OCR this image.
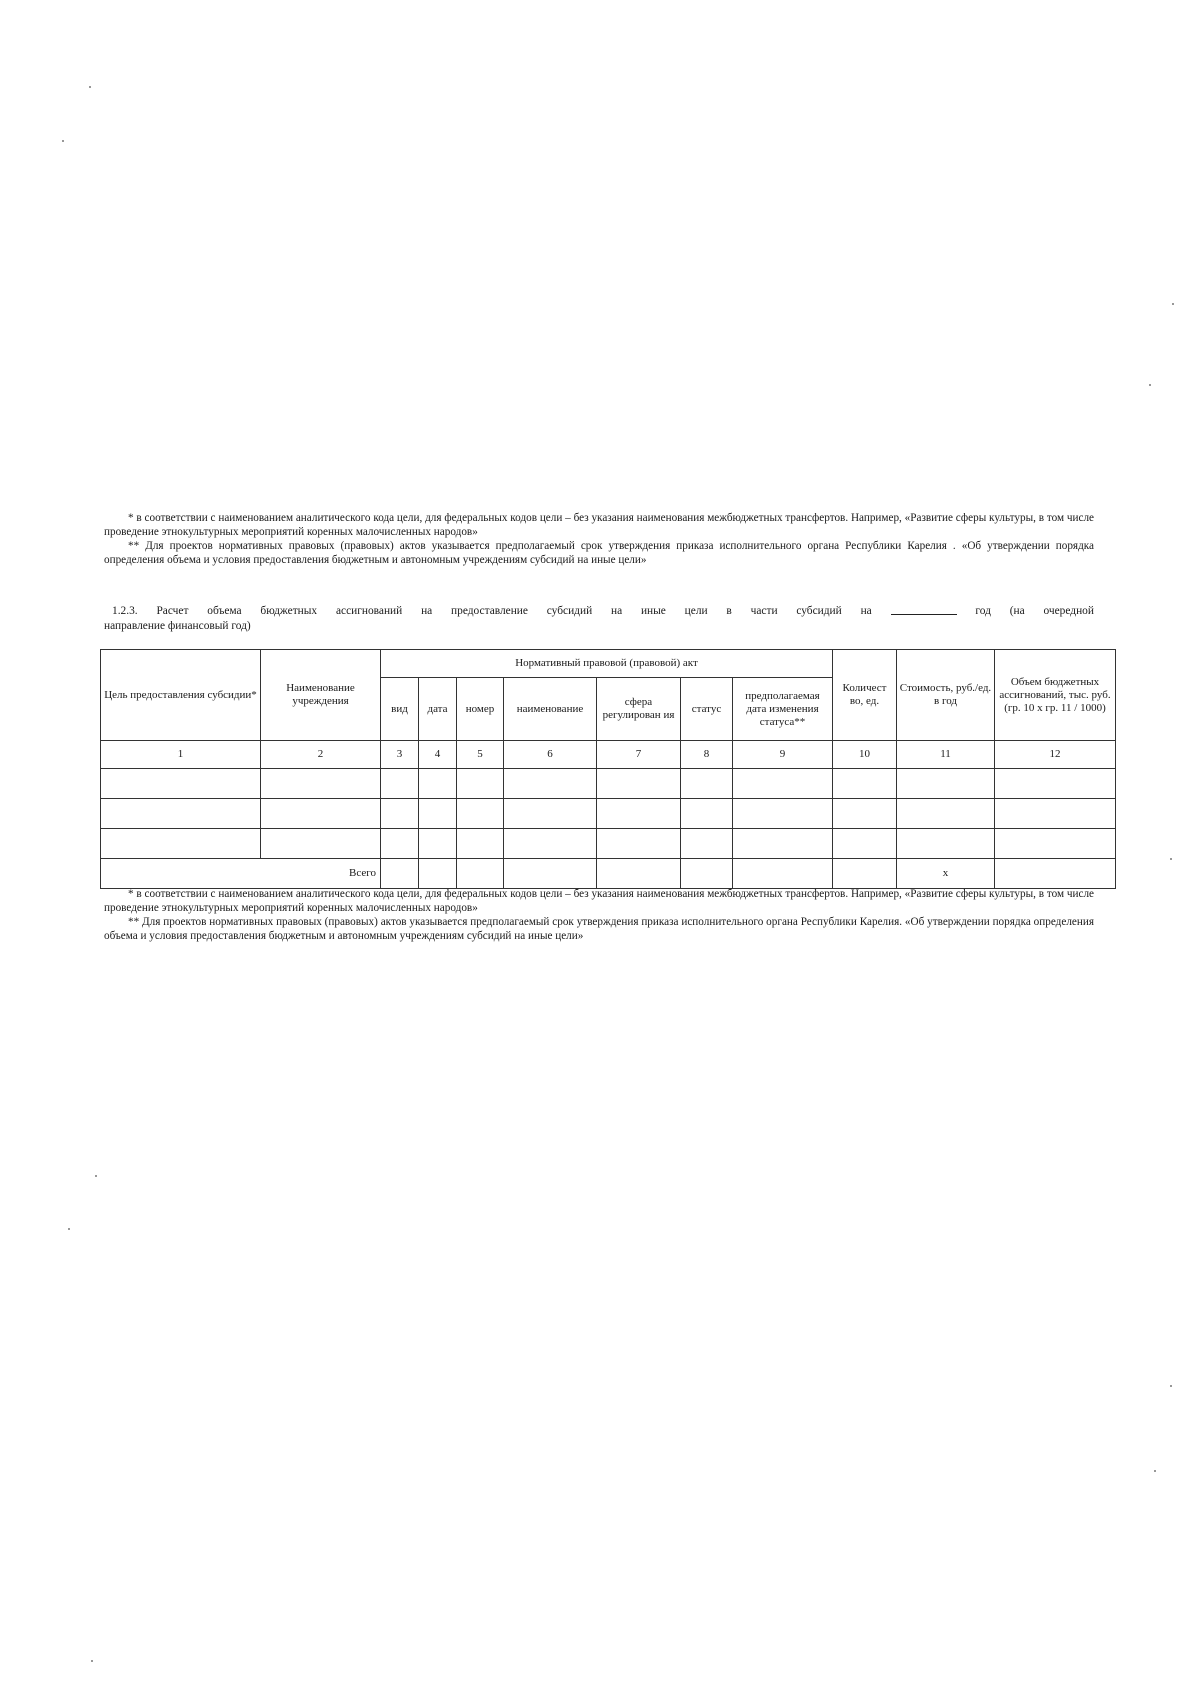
* в соответствии с наименованием аналитического кода цели, для федеральных кодов цели – без указания наименования межбюджетных трансфертов. Например, «Развитие сферы культуры, в том числе проведение этнокультурных мероприятий коренных малочисленных народов»

** Для проектов нормативных правовых (правовых) актов указывается предполагаемый срок утверждения приказа исполнительного органа Республики Карелия . «Об утверждении порядка определения объема и условия предоставления бюджетным и автономным учреждениям субсидий на иные цели»

1.2.3. Расчет объема бюджетных ассигнований на предоставление субсидий на иные цели в части субсидий на	год (на очередной
направление финансовый год)
Цель предоставления субсидии*	Наименование учреждения	Нормативный правовой (правовой) акт							Количест во, ед.	Стоимость, руб./ед. в год	Объем бюджетных ассигнований, тыс. руб. (гр. 10 х гр. 11 / 1000)
		вид	дата	номер	наименование	сфера регулирован ия	статус	предполагаемая дата изменения статуса**			
1	2	3	4	5	6	7	8	9	10	11	12

Всего										х	

* в соответствии с наименованием аналитического кода цели, для федеральных кодов цели – без указания наименования межбюджетных трансфертов. Например, «Развитие сферы культуры, в том числе проведение этнокультурных мероприятий коренных малочисленных народов»

** Для проектов нормативных правовых (правовых) актов указывается предполагаемый срок утверждения приказа исполнительного органа Республики Карелия. «Об утверждении порядка определения объема и условия предоставления бюджетным и автономным учреждениям субсидий на иные цели»
